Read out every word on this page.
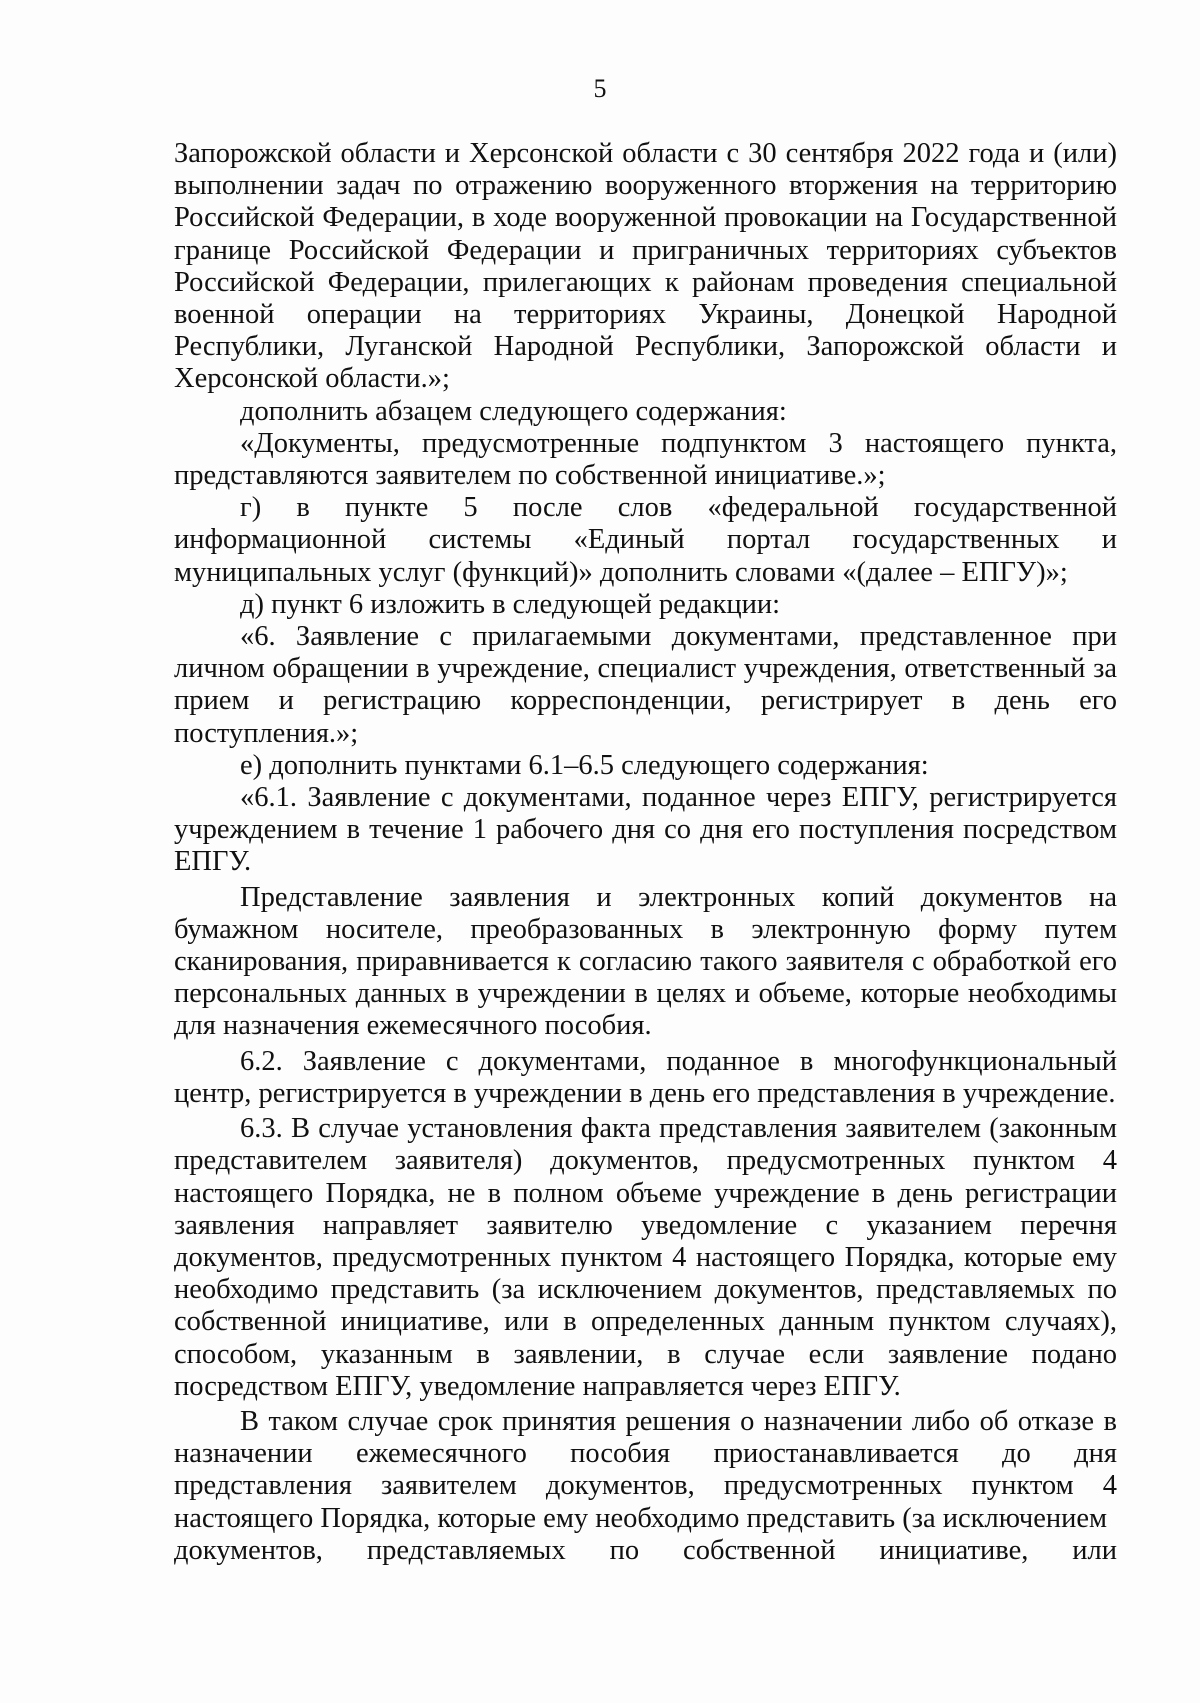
5

Запорожской области и Херсонской области с 30 сентября 2022 года и (или) выполнении задач по отражению вооруженного вторжения на территорию Российской Федерации, в ходе вооруженной провокации на Государственной границе Российской Федерации и приграничных территориях субъектов Российской Федерации, прилегающих к районам проведения специальной военной операции на территориях Украины, Донецкой Народной Республики, Луганской Народной Республики, Запорожской области и Херсонской области.»;

дополнить абзацем следующего содержания:

«Документы, предусмотренные подпунктом 3 настоящего пункта, представляются заявителем по собственной инициативе.»;

г) в пункте 5 после слов «федеральной государственной информационной системы «Единый портал государственных и муниципальных услуг (функций)» дополнить словами «(далее – ЕПГУ)»;

д) пункт 6 изложить в следующей редакции:

«6. Заявление с прилагаемыми документами, представленное при личном обращении в учреждение, специалист учреждения, ответственный за прием и регистрацию корреспонденции, регистрирует в день его поступления.»;

е) дополнить пунктами 6.1–6.5 следующего содержания:

«6.1. Заявление с документами, поданное через ЕПГУ, регистрируется учреждением в течение 1 рабочего дня со дня его поступления посредством ЕПГУ.

Представление заявления и электронных копий документов на бумажном носителе, преобразованных в электронную форму путем сканирования, приравнивается к согласию такого заявителя с обработкой его персональных данных в учреждении в целях и объеме, которые необходимы для назначения ежемесячного пособия.

6.2. Заявление с документами, поданное в многофункциональный центр, регистрируется в учреждении в день его представления в учреждение.

6.3. В случае установления факта представления заявителем (законным представителем заявителя) документов, предусмотренных пунктом 4 настоящего Порядка, не в полном объеме учреждение в день регистрации заявления направляет заявителю уведомление с указанием перечня документов, предусмотренных пунктом 4 настоящего Порядка, которые ему необходимо представить (за исключением документов, представляемых по собственной инициативе, или в определенных данным пунктом случаях), способом, указанным в заявлении, в случае если заявление подано посредством ЕПГУ, уведомление направляется через ЕПГУ.

В таком случае срок принятия решения о назначении либо об отказе в назначении ежемесячного пособия приостанавливается до дня представления заявителем документов, предусмотренных пунктом 4 настоящего Порядка, которые ему необходимо представить (за исключением

документов, представляемых по собственной инициативе, или
